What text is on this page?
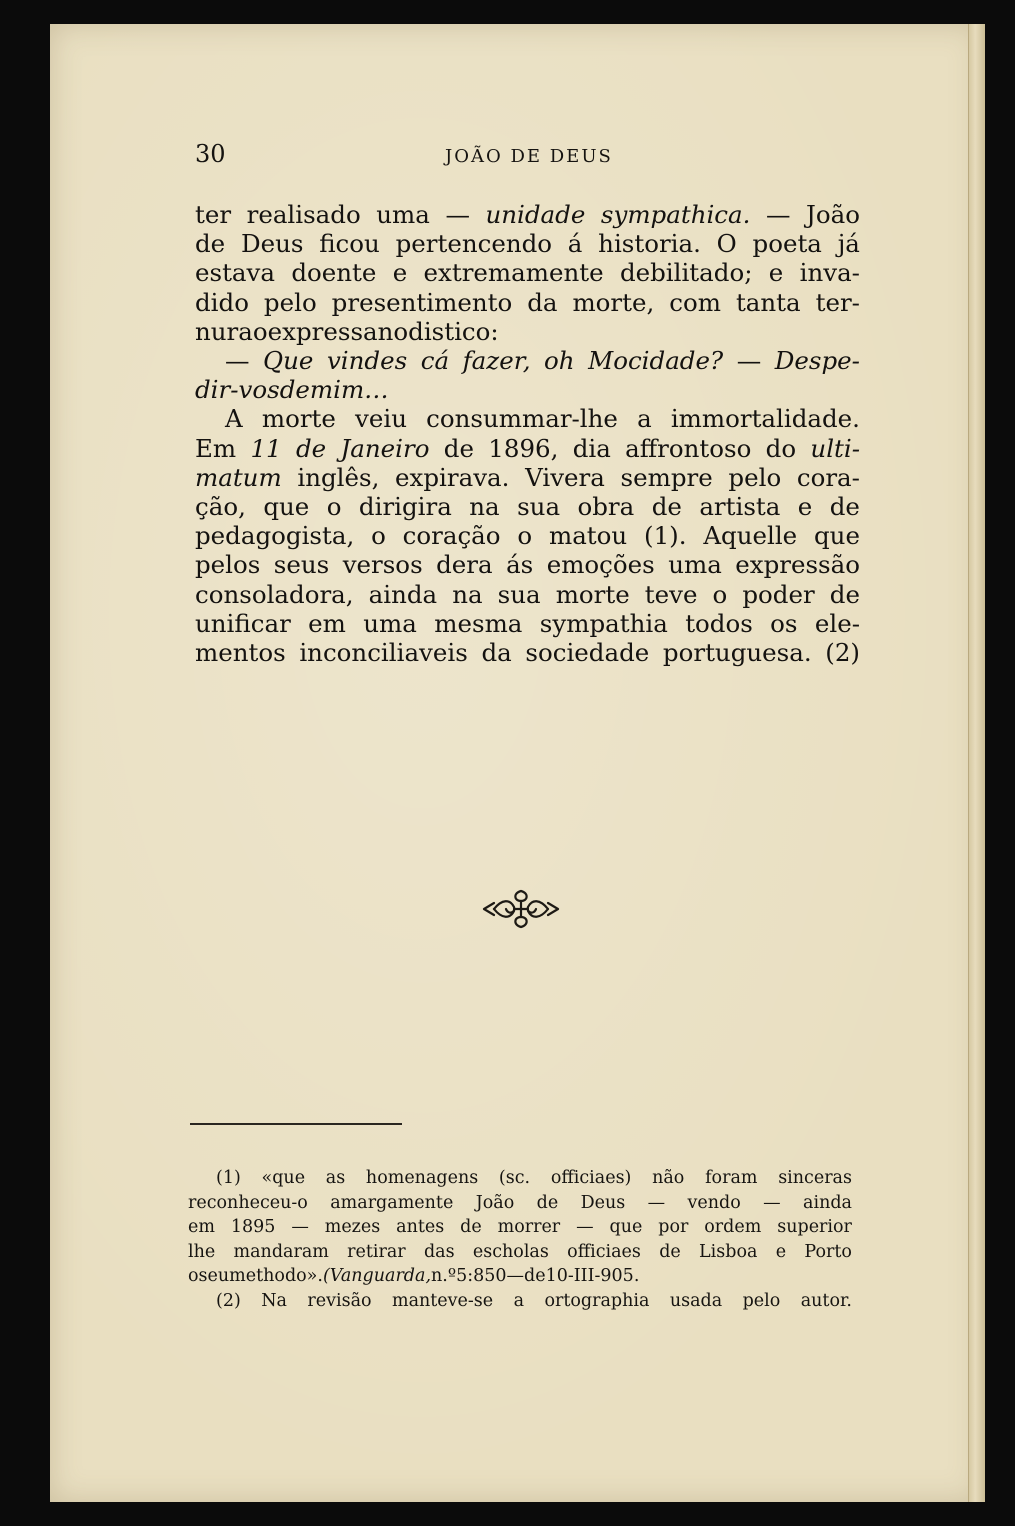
30	JOÃO DE DEUS
ter realisado uma — unidade sympathica. — João
de Deus ficou pertencendo á historia. O poeta já
estava doente e extremamente debilitado; e inva-
dido pelo presentimento da morte, com tanta ter-
nura o expressa no distico:
— Que vindes cá fazer, oh Mocidade? — Despe-
dir-vos de mim…
A morte veiu consummar-lhe a immortalidade.
Em 11 de Janeiro de 1896, dia affrontoso do ulti-
matum inglês, expirava. Vivera sempre pelo cora-
ção, que o dirigira na sua obra de artista e de
pedagogista, o coração o matou (1). Aquelle que
pelos seus versos dera ás emoções uma expressão
consoladora, ainda na sua morte teve o poder de
unificar em uma mesma sympathia todos os ele-
mentos inconciliaveis da sociedade portuguesa. (2)
(1) «que as homenagens (sc. officiaes) não foram sinceras
reconheceu-o amargamente João de Deus — vendo — ainda
em 1895 — mezes antes de morrer — que por ordem superior
lhe mandaram retirar das escholas officiaes de Lisboa e Porto
o seu methodo». (Vanguarda, n.º 5:850 — de 10-III-905.
(2) Na revisão manteve-se a ortographia usada pelo autor.
